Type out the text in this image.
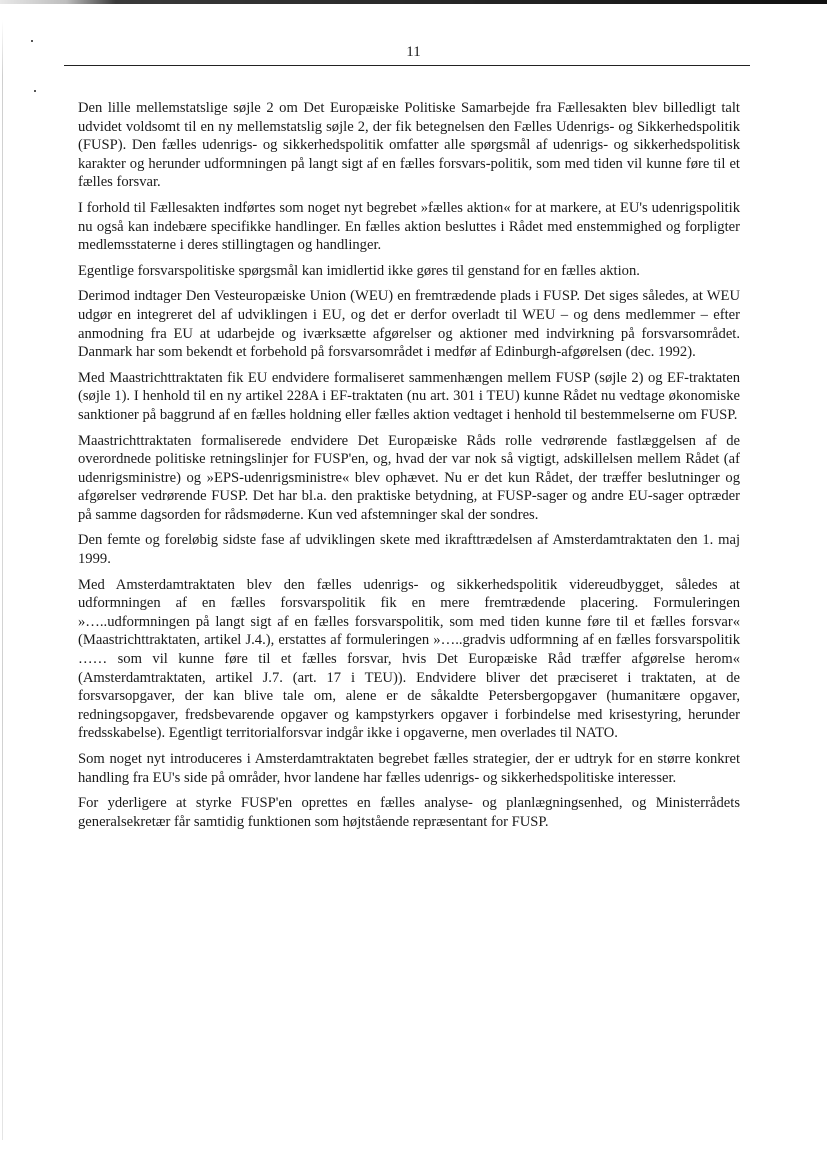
11

Den lille mellemstatslige søjle 2 om Det Europæiske Politiske Samarbejde fra Fællesakten blev billedligt talt udvidet voldsomt til en ny mellemstatslig søjle 2, der fik betegnelsen den Fælles Udenrigs- og Sikkerhedspolitik (FUSP). Den fælles udenrigs- og sikkerhedspolitik omfatter alle spørgsmål af udenrigs- og sikkerhedspolitisk karakter og herunder udformningen på langt sigt af en fælles forsvars-politik, som med tiden vil kunne føre til et fælles forsvar.

I forhold til Fællesakten indførtes som noget nyt begrebet »fælles aktion« for at markere, at EU's udenrigspolitik nu også kan indebære specifikke handlinger. En fælles aktion besluttes i Rådet med enstemmighed og forpligter medlemsstaterne i deres stillingtagen og handlinger.

Egentlige forsvarspolitiske spørgsmål kan imidlertid ikke gøres til genstand for en fælles aktion.

Derimod indtager Den Vesteuropæiske Union (WEU) en fremtrædende plads i FUSP. Det siges således, at WEU udgør en integreret del af udviklingen i EU, og det er derfor overladt til WEU – og dens medlemmer – efter anmodning fra EU at udarbejde og iværksætte afgørelser og aktioner med indvirkning på forsvarsområdet. Danmark har som bekendt et forbehold på forsvarsområdet i medfør af Edinburgh-afgørelsen (dec. 1992).

Med Maastrichttraktaten fik EU endvidere formaliseret sammenhængen mellem FUSP (søjle 2) og EF-traktaten (søjle 1). I henhold til en ny artikel 228A i EF-traktaten (nu art. 301 i TEU) kunne Rådet nu vedtage økonomiske sanktioner på baggrund af en fælles holdning eller fælles aktion vedtaget i henhold til bestemmelserne om FUSP.

Maastrichttraktaten formaliserede endvidere Det Europæiske Råds rolle vedrørende fastlæggelsen af de overordnede politiske retningslinjer for FUSP'en, og, hvad der var nok så vigtigt, adskillelsen mellem Rådet (af udenrigsministre) og »EPS-udenrigsministre« blev ophævet. Nu er det kun Rådet, der træffer beslutninger og afgørelser vedrørende FUSP. Det har bl.a. den praktiske betydning, at FUSP-sager og andre EU-sager optræder på samme dagsorden for rådsmøderne. Kun ved afstemninger skal der sondres.

Den femte og foreløbig sidste fase af udviklingen skete med ikrafttrædelsen af Amsterdamtraktaten den 1. maj 1999.

Med Amsterdamtraktaten blev den fælles udenrigs- og sikkerhedspolitik videreudbygget, således at udformningen af en fælles forsvarspolitik fik en mere fremtrædende placering. Formuleringen »…..udformningen på langt sigt af en fælles forsvarspolitik, som med tiden kunne føre til et fælles forsvar« (Maastrichttraktaten, artikel J.4.), erstattes af formuleringen »…..gradvis udformning af en fælles forsvarspolitik …… som vil kunne føre til et fælles forsvar, hvis Det Europæiske Råd træffer afgørelse herom« (Amsterdamtraktaten, artikel J.7. (art. 17 i TEU)). Endvidere bliver det præciseret i traktaten, at de forsvarsopgaver, der kan blive tale om, alene er de såkaldte Petersbergopgaver (humanitære opgaver, redningsopgaver, fredsbevarende opgaver og kampstyrkers opgaver i forbindelse med krisestyring, herunder fredsskabelse). Egentligt territorialforsvar indgår ikke i opgaverne, men overlades til NATO.

Som noget nyt introduceres i Amsterdamtraktaten begrebet fælles strategier, der er udtryk for en større konkret handling fra EU's side på områder, hvor landene har fælles udenrigs- og sikkerhedspolitiske interesser.

For yderligere at styrke FUSP'en oprettes en fælles analyse- og planlægningsenhed, og Ministerrådets generalsekretær får samtidig funktionen som højtstående repræsentant for FUSP.
